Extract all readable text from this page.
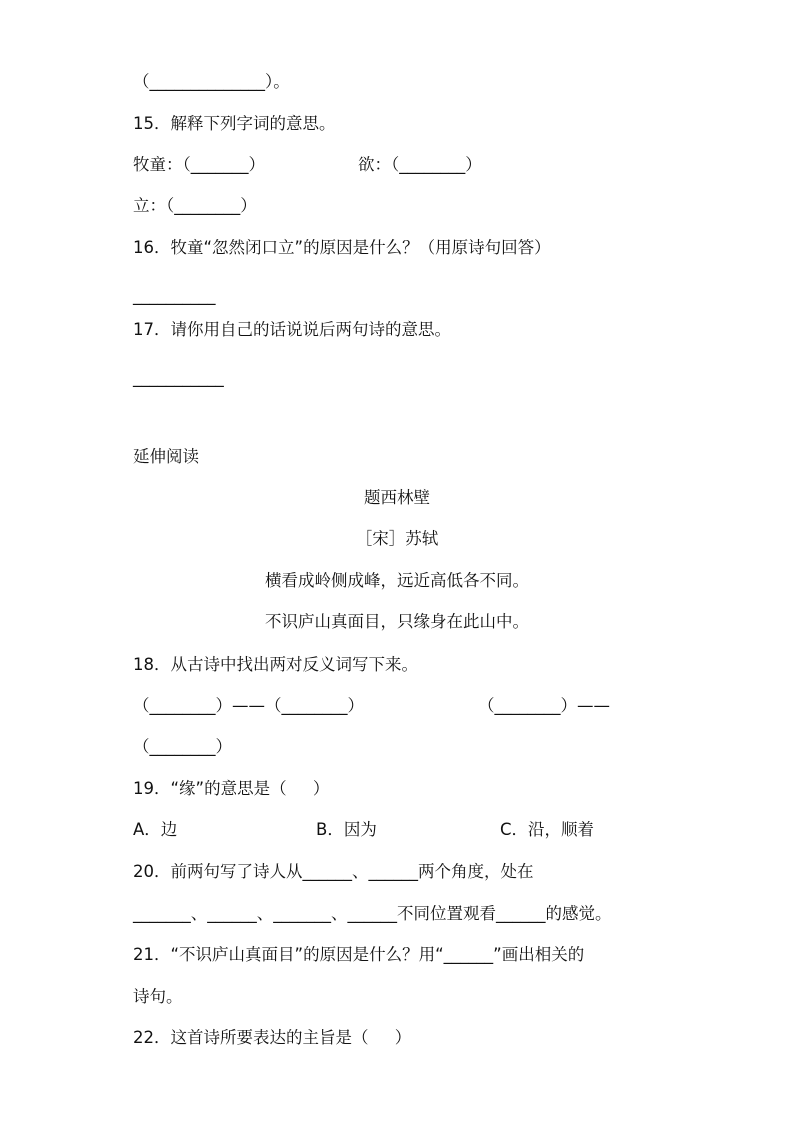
（______________）。
15．解释下列字词的意思。
牧童：（_______）	欲：（________）
立：（________）
16．牧童“忽然闭口立”的原因是什么？（用原诗句回答）
__________
17．请你用自己的话说说后两句诗的意思。
___________
延伸阅读
题西林壁
［宋］苏轼
横看成岭侧成峰，远近高低各不同。
不识庐山真面目，只缘身在此山中。
18．从古诗中找出两对反义词写下来。
（________）——（________）	（________）——
（________）
19．“缘”的意思是（     ）
A．边	B．因为	C．沿，顺着
20．前两句写了诗人从______、______两个角度，处在
_______、______、_______、______不同位置观看______的感觉。
21．“不识庐山真面目”的原因是什么？用“______”画出相关的
诗句。
22．这首诗所要表达的主旨是（     ）
